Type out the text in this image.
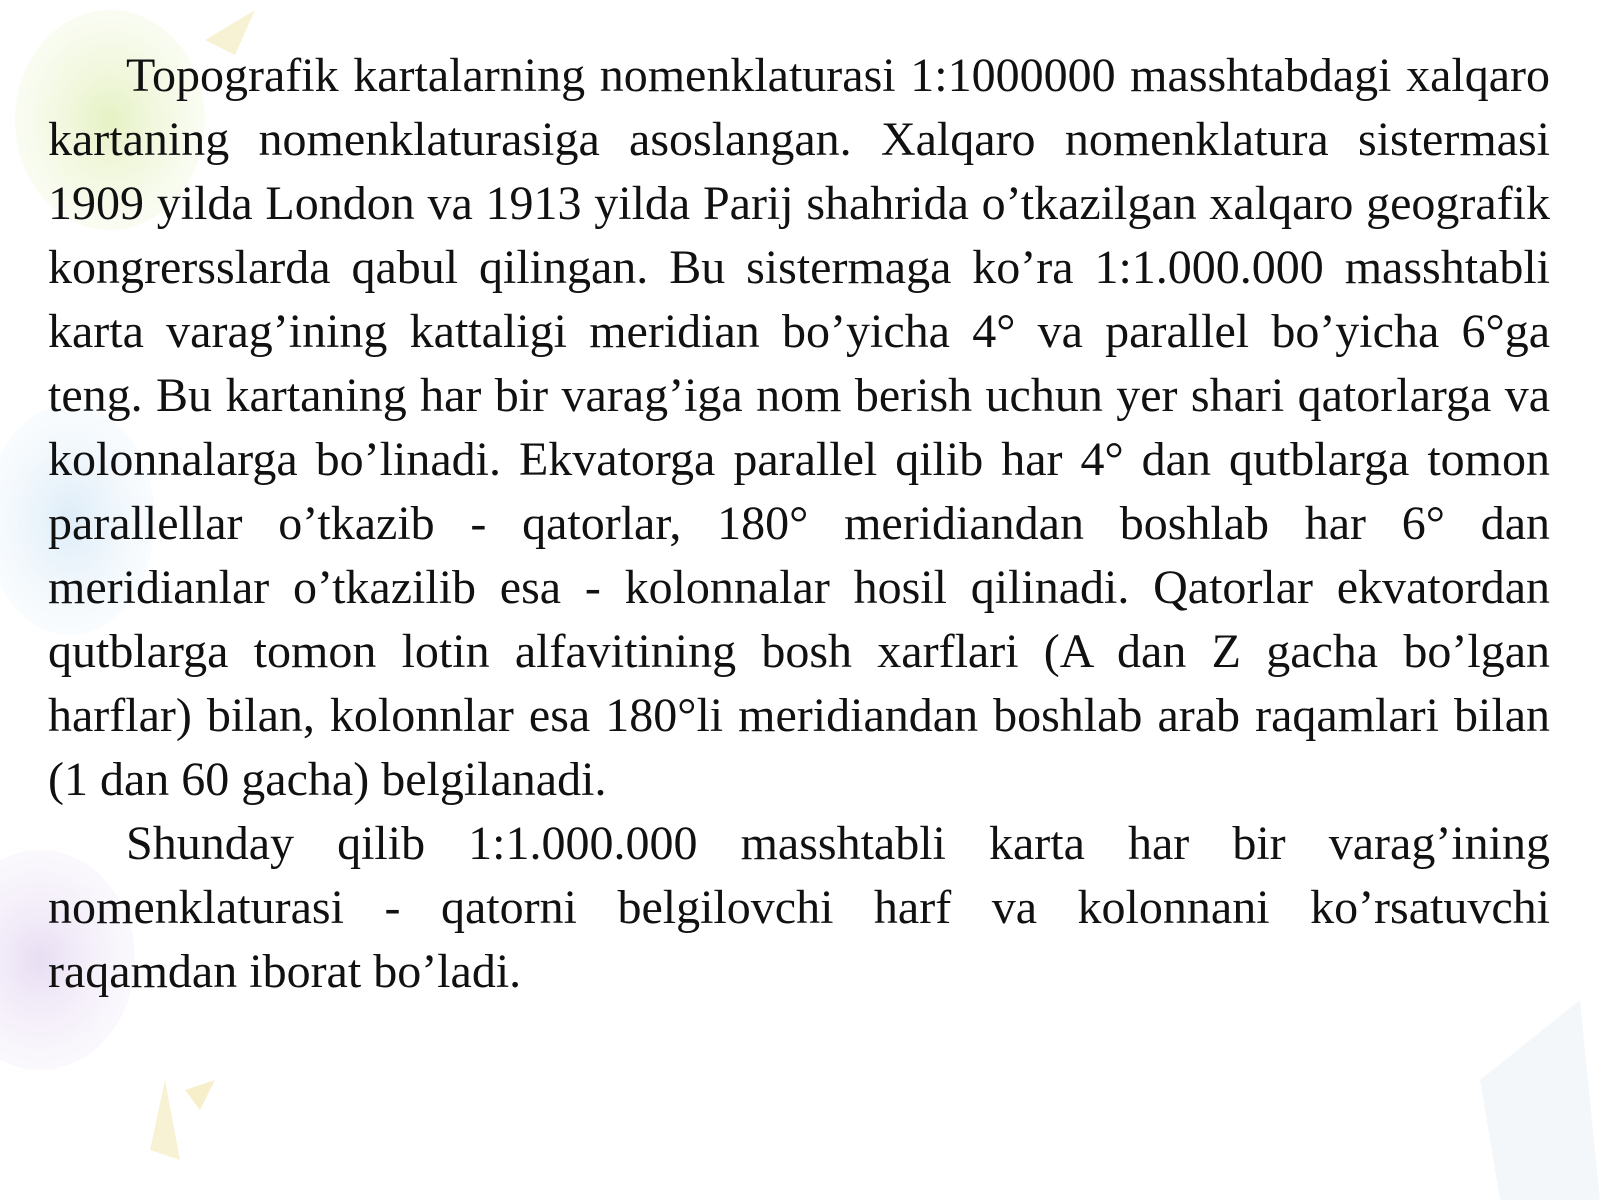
Topografik kartalarning nomenklaturasi 1:1000000 masshtabdagi xalqaro kartaning nomenklaturasiga asoslangan. Xalqaro nomenklatura sistermasi 1909 yilda London va 1913 yilda Parij shahrida o’tkazilgan xalqaro geografik kongrersslarda qabul qilingan. Bu sistermaga ko’ra 1:1.000.000 masshtabli karta varag’ining kattaligi meridian bo’yicha 4° va parallel bo’yicha 6°ga teng. Bu kartaning har bir varag’iga nom berish uchun yer shari qatorlarga va kolonnalarga bo’linadi. Ekvatorga parallel qilib har 4° dan qutblarga tomon parallellar o’tkazib - qatorlar, 180° meridiandan boshlab har 6° dan meridianlar o’tkazilib esa - kolonnalar hosil qilinadi. Qatorlar ekvatordan qutblarga tomon lotin alfavitining bosh xarflari (A dan Z gacha bo’lgan harflar) bilan, kolonnlar esa 180°li meridiandan boshlab arab raqamlari bilan (1 dan 60 gacha) belgilanadi.

Shunday qilib 1:1.000.000 masshtabli karta har bir varag’ining nomenklaturasi - qatorni belgilovchi harf va kolonnani ko’rsatuvchi raqamdan iborat bo’ladi.
